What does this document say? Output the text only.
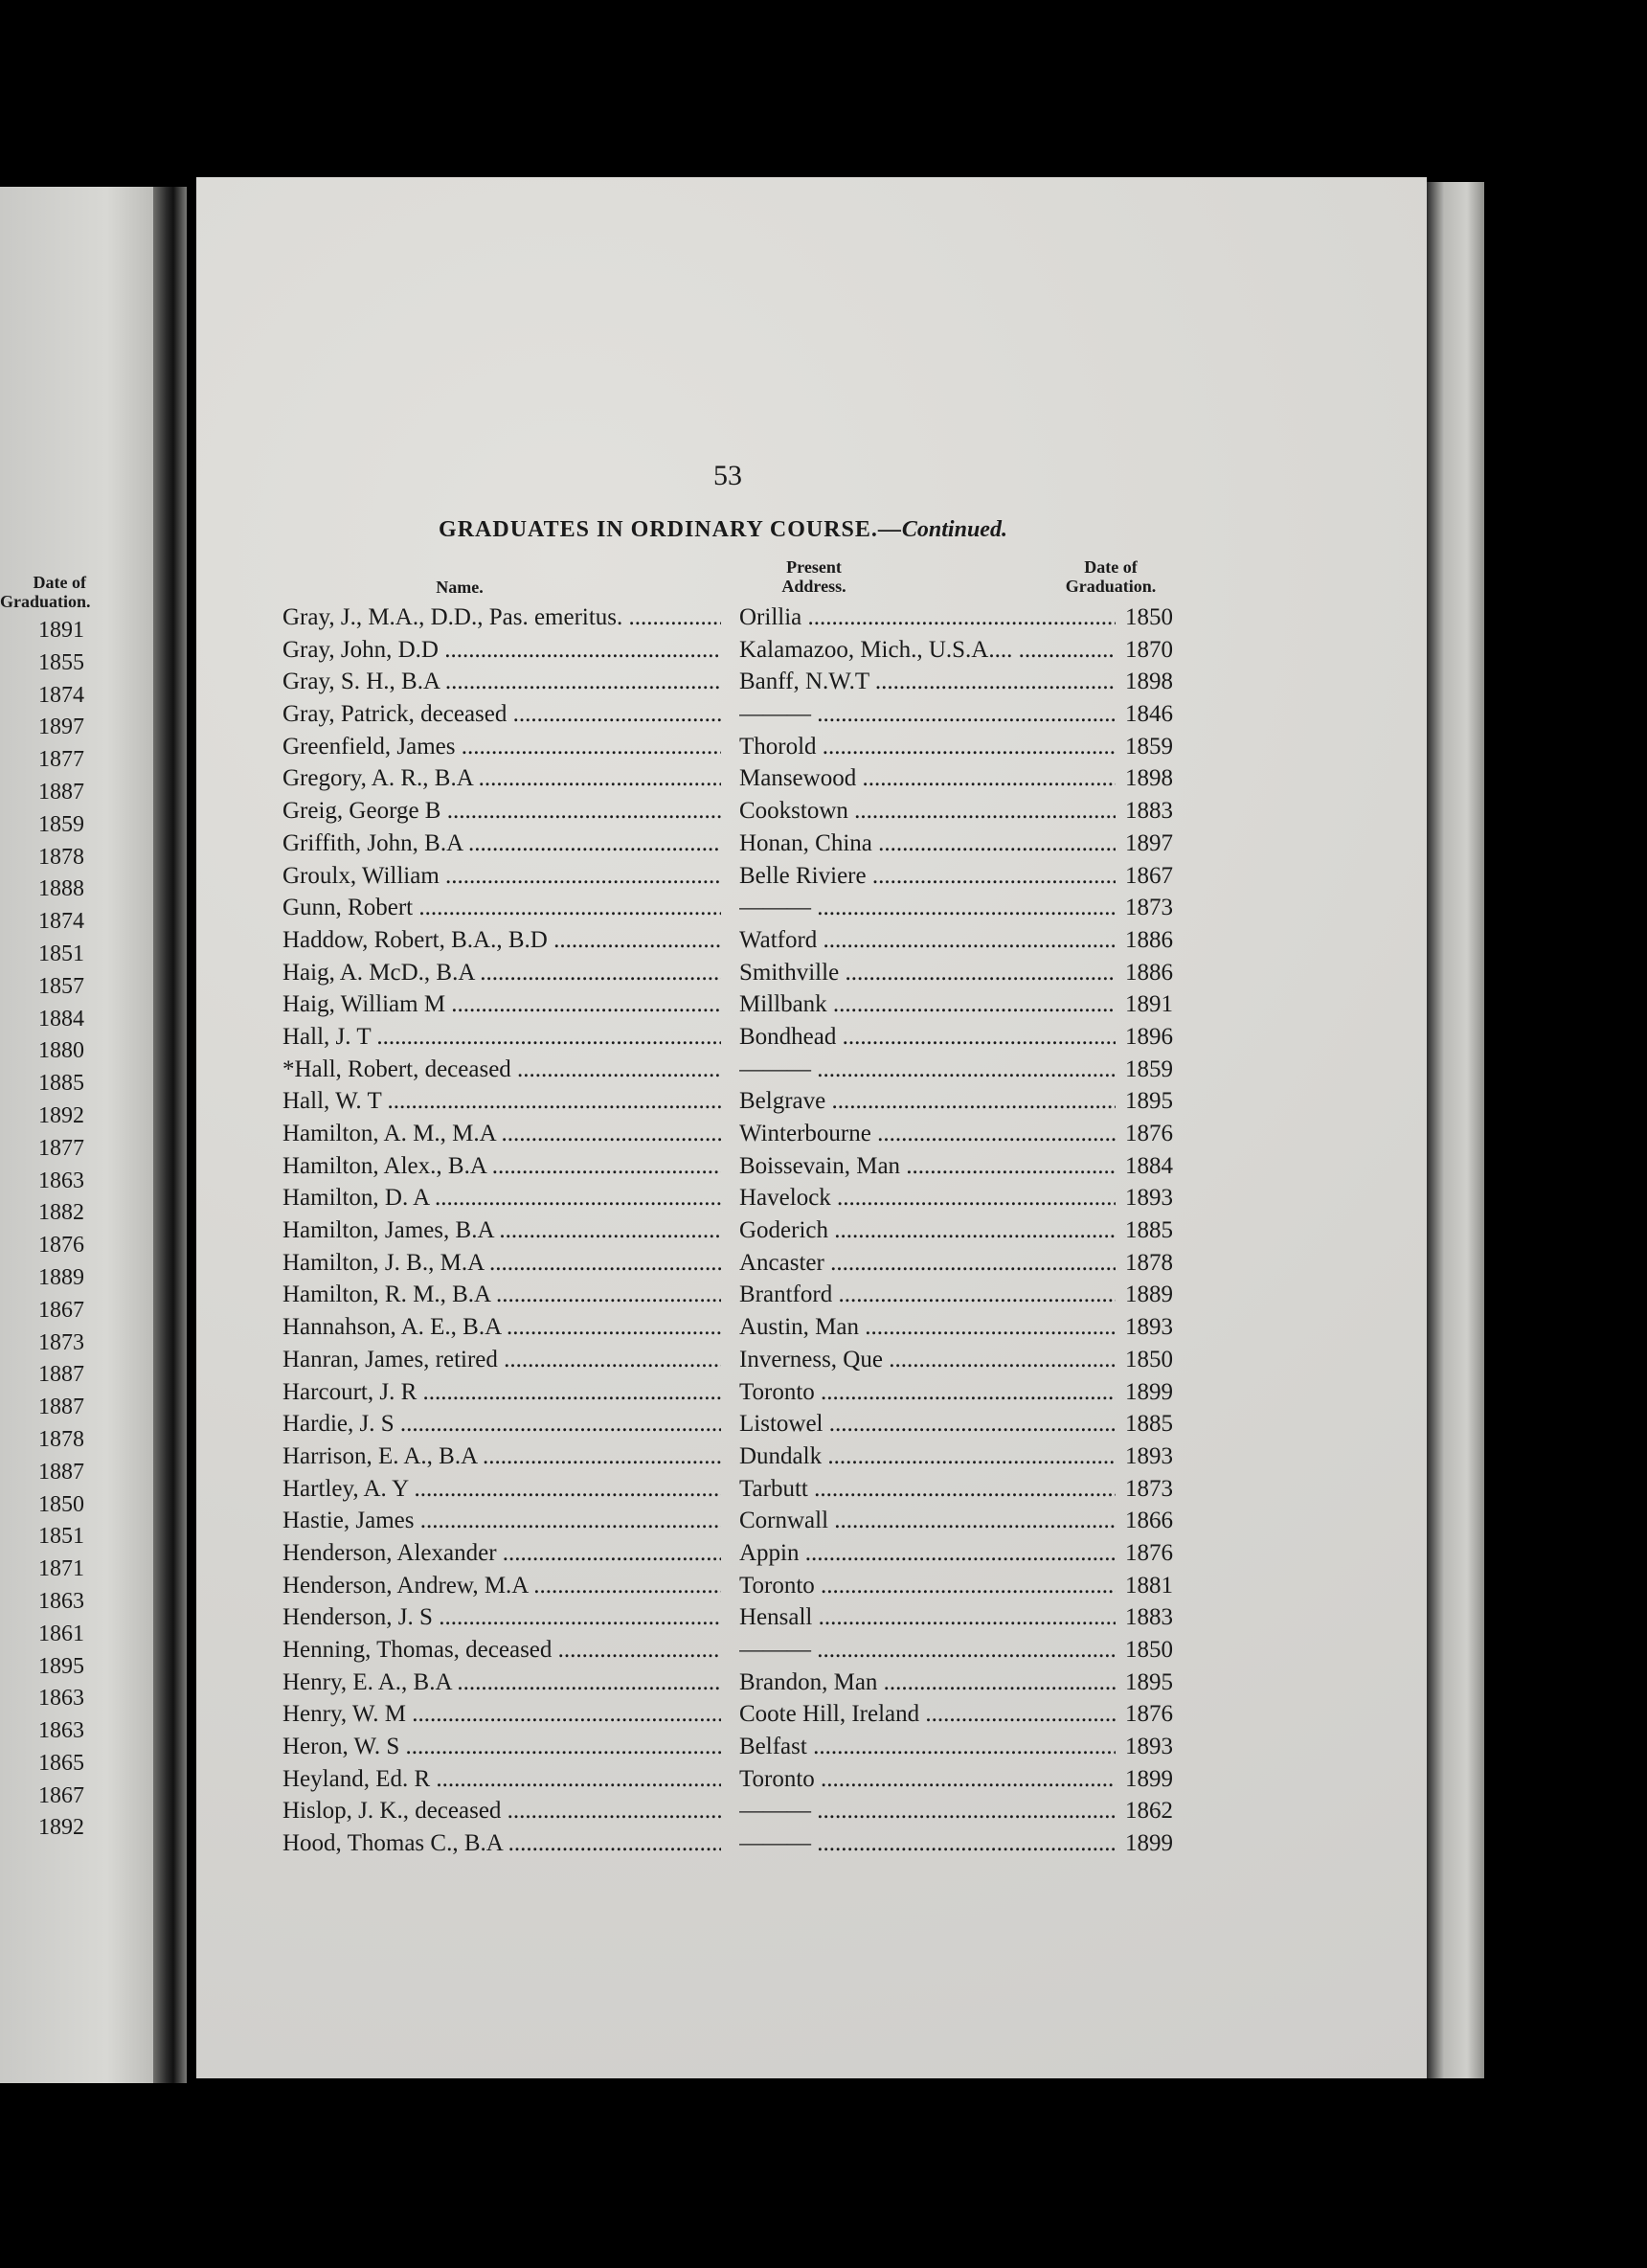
Date of
Graduation.
1891
1855
1874
1897
1877
1887
1859
1878
1888
1874
1851
1857
1884
1880
1885
1892
1877
1863
1882
1876
1889
1867
1873
1887
1887
1878
1887
1850
1851
1871
1863
1861
1895
1863
1863
1865
1867
1892
53
GRADUATES IN ORDINARY COURSE.—Continued.
Name.
Present
Address.
Date of
Graduation.
Gray, J., M.A., D.D., Pas. emeritus. .....	Orillia .....	1850
Gray, John, D.D .....	Kalamazoo, Mich., U.S.A.... .....	1870
Gray, S. H., B.A .....	Banff, N.W.T .....	1898
Gray, Patrick, deceased .....	——— .....	1846
Greenfield, James .....	Thorold .....	1859
Gregory, A. R., B.A .....	Mansewood .....	1898
Greig, George B .....	Cookstown .....	1883
Griffith, John, B.A .....	Honan, China .....	1897
Groulx, William .....	Belle Riviere .....	1867
Gunn, Robert .....	——— .....	1873
Haddow, Robert, B.A., B.D .....	Watford .....	1886
Haig, A. McD., B.A .....	Smithville .....	1886
Haig, William M .....	Millbank .....	1891
Hall, J. T .....	Bondhead .....	1896
*Hall, Robert, deceased .....	——— .....	1859
Hall, W. T .....	Belgrave .....	1895
Hamilton, A. M., M.A .....	Winterbourne .....	1876
Hamilton, Alex., B.A .....	Boissevain, Man .....	1884
Hamilton, D. A .....	Havelock .....	1893
Hamilton, James, B.A .....	Goderich .....	1885
Hamilton, J. B., M.A .....	Ancaster .....	1878
Hamilton, R. M., B.A .....	Brantford .....	1889
Hannahson, A. E., B.A .....	Austin, Man .....	1893
Hanran, James, retired .....	Inverness, Que .....	1850
Harcourt, J. R .....	Toronto .....	1899
Hardie, J. S .....	Listowel .....	1885
Harrison, E. A., B.A .....	Dundalk .....	1893
Hartley, A. Y .....	Tarbutt .....	1873
Hastie, James .....	Cornwall .....	1866
Henderson, Alexander .....	Appin .....	1876
Henderson, Andrew, M.A .....	Toronto .....	1881
Henderson, J. S .....	Hensall .....	1883
Henning, Thomas, deceased .....	——— .....	1850
Henry, E. A., B.A .....	Brandon, Man .....	1895
Henry, W. M .....	Coote Hill, Ireland .....	1876
Heron, W. S .....	Belfast .....	1893
Heyland, Ed. R .....	Toronto .....	1899
Hislop, J. K., deceased .....	——— .....	1862
Hood, Thomas C., B.A .....	——— .....	1899
